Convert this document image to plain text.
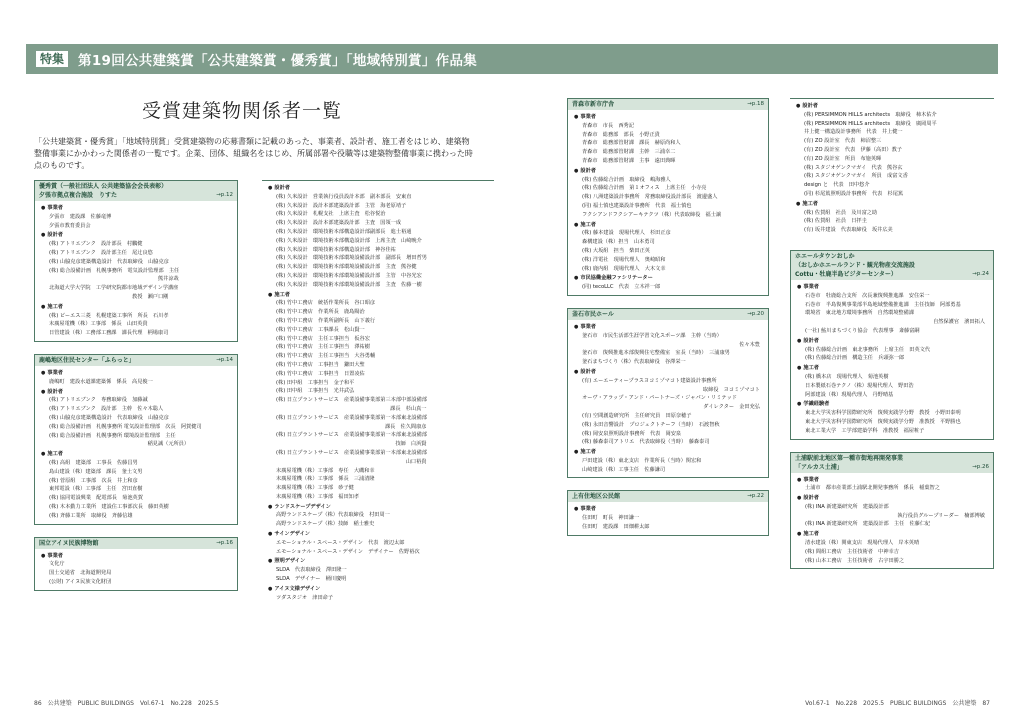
特集 第19回公共建築賞「公共建築賞・優秀賞」「地域特別賞」作品集
受賞建築物関係者一覧
「公共建築賞・優秀賞」「地域特別賞」受賞建築物の応募書類に記載のあった、事業者、設計者、施工者をはじめ、建築物整備事業にかかわった関係者の一覧です。企業、団体、組織名をはじめ、所属部署や役職等は建築物整備事業に携わった時点のものです。
優秀賞（一般社団法人 公共建築協会会長表彰）
夕張市拠点複合施設　りすた	→p.12
● 事業者
夕張市　建設課　佐藤竜博
夕張市教育委員会
● 設計者
(株) アトリエブンク　設計部長　村鵬健
(株) アトリエブンク　設計部主任　尾辻良悠
(株) 山脇克彦建築構造設計　代表取締役　山脇克彦
(株) 総合設備計画　札幌事務所　電気設計監理部　主任
　　　　　　　　　　　　　　　　　　　　　熊井涼哉
北海道大学大学院　工学研究院都市地域デザイン学講座
　　　　　　　　　　　　　　　　教授　瀬戸口剛
● 施工者
(株) ピーエス三菱　札幌建築工事所　所長　石川孝
末廣屋電機（株）工事部　係長　山田英貴
日管建設（株）工務部工務課　課長代理　柄場康司
鹿嶋地区住民センター「ふらっと」	→p.14
● 事業者
鹿嶋町　建設水道課建築係　係長　高見俊一
● 設計者
(株) アトリエブンク　専務取締役　加藤誠
(株) アトリエブンク　設計部　主幹　佐々木聡人
(株) 山脇克彦建築構造設計　代表取締役　山脇克彦
(株) 総合設備計画　札幌事務所 電気設計監理部　次長　阿賀健司
(株) 総合設備計画　札幌事務所 環境設計監理部　主任
　　　　　　　　　　　　　　　　　　　稲見誠（元所員）
● 施工者
(株) 高組　建築部　工事長　佐藤昌男
島山建設（株）建築部　課長　釜土文男
(株) 菅原組　工事部　次長　井上和彦
東邦電設（株）工事部　主任　宮田直樹
(株) 協同電設興業　配電部長　菊池英賀
(株) 木本勤力工業所　建設住工事部次長　藤田英樹
(株) 斉藤工業所　取締役　斉藤信雄
国立アイヌ民族博物館	→p.16
● 事業者
文化庁
国土交通省　北海道開発局
(公財) アイヌ民族文化財団
● 設計者
(株) 久米設計　営業執行役員設計本部　副本部長　安東直
(株) 久米設計　設計本部建築設計部　主管　海老原靖子
(株) 久米設計　札幌支社　上席主査　松谷悦治
(株) 久米設計　設計本部建築設計部　主査　国領一成
(株) 久米設計　環境技術本部構造設計部副部長　進士裕通
(株) 久米設計　環境技術本部構造設計部　上席主査　山崎晩介
(株) 久米設計　環境技術本部構造設計部　神谷佳祐
(株) 久米設計　環境技術本部環境設備設計部　副部長　増田哲男
(株) 久米設計　環境技術本部環境設備設計部　主査　熊谷健
(株) 久米設計　環境技術本部環境設備設計部　主管　中谷光宏
(株) 久米設計　環境技術本部環境設備設計部　主査　佐藤一樹
● 施工者
(株) 竹中工務店　統括作業所長　谷口昭彦
(株) 竹中工務店　作業所長　鹿島陽治
(株) 竹中工務店　作業所副所長　山下義行
(株) 竹中工務店　工事課長　松山賢一
(株) 竹中工務店　主任工事担当　仮谷宏
(株) 竹中工務店　主任工事担当　澤祐樹
(株) 竹中工務店　主任工事担当　大谷勇輔
(株) 竹中工務店　工事担当　鎌田大聖
(株) 竹中工務店　工事担当　日置凌佑
(株) 田中組　工事担当　金子和平
(株) 田中組　工事担当　光井武弘
(株) 日立プラントサービス　産業設備事業部第三本部中部設備部
　　　　　　　　　　　　　　　　　　　　　　課長　杉山真一
(株) 日立プラントサービス　産業設備事業部第一本部東北設備部
　　　　　　　　　　　　　　　　　　　　　課長　佐久間康彦
(株) 日立プラントサービス　産業設備事業部第一本部東北設備部
　　　　　　　　　　　　　　　　　　　　　　　技師　白浜賢
(株) 日立プラントサービス　産業設備事業部第一本部東北設備部
　　　　　　　　　　　　　　　　　　　　　　　　　山口裕貴
末廣屋電機（株）工事部　専任　大磯和幸
末廣屋電機（株）工事部　係長　三浦清隆
末廣屋電機（株）工事部　砂子健
末廣屋電機（株）工事部　福田知孝
● ランドスケープデザイン
高野ランドスケープ（株）代表取締役　村田周一
高野ランドスケープ（株）技師　稲士雅史
● サインデザイン
エモーショナル・スペース・デザイン　代表　渡辺太郎
エモーショナル・スペース・デザイン　デザイナー　佐野裕次
● 照明デザイン
SLDA　代表取締役　澤田隆一
SLDA　デザイナー　桶川慶明
● アイヌ文様デザイン
ツダスタジオ　津田命子
青森市新市庁舎	→p.18
● 事業者
青森市　市長　西秀記
青森市　総務部　部長　小野正貴
青森市　総務部管財課　課長　赫原尚和人
青森市　総務部管財課　主幹　三浦幸二
青森市　総務部管財課　主事　遠田典暉
● 設計者
(株) 佐藤総合計画　取締役　嶋海雅人
(株) 佐藤総合計画　第１オフィス　上席主任　小寺亮
(株) 八洲建築設計事務所　常務取締役設計部長　渡邊盛人
(同) 福士慎也建築設計事務所　代表　福士慎也
フクシアンドフクシアーキテクツ（株）代表取締役　福士譲
● 施工者
(株) 藤本建設　現場代理人　杉田正彦
森構建設（株）担当　山本勇司
(株) 大坂組　担当　柴田正英
(株) 洋電社　現場代理人　奥崎昭和
(株) 鹿内組　現場代理人　大木文幸
● 市民協働金融ファシリテーター
(同) tecoLLC　代表　立木祥一郎
釜石市民ホール	→p.20
● 事業者
釜石市　市民生活部生涯学習文化スポーツ課　主幹（当時）
佐々木豊
釜石市　復興推進本部復興住宅整備室　室長（当時）　三浦康男
釜石まちづくり（株）代表取締役　谷澤栄一
● 設計者
(有) エーエーティープラスヨコミゾマコト建築設計事務所
取締役　ヨコミゾマコト
オーヴ・アラップ・アンド・パートナーズ・ジャパン・リミテッド
ダイレクター　金田充弘
(有) 空間創造研究所　主任研究員　田原奈穂子
(株) 永田音響設計　プロジェクトチーフ（当時）　石渡智秋
(株) 岡安泉照明設計事務所　代表　岡安泉
(株) 藤森泰司アトリエ　代表取締役（当時）　藤森泰司
● 施工者
戸田建設（株）東北支店　作業所長（当時）関宏和
山崎建設（株）工事主任　佐藤謙司
上有住地区公民館	→p.22
● 事業者
住田町　町長　神田謙一
住田町　建設課　田畑耕太郎
● 設計者
(株) PERSIMMON HILLS architects　取締役　柿木佑介
(株) PERSIMMON HILLS architects　取締役　廣岡周平
井上健一構造設計事務所　代表　井上健一
(有) ZO 設計室　代表　柿沼整三
(有) ZO 設計室　代表　伊藤（高田）教子
(有) ZO 設計室　所員　布施英暉
(株) スタジオゲンクマガイ　代表　熊谷玄
(株) スタジオゲンクマガイ　所員　成富文香
design と　代表　田中悠介
(同) 杉尾篤照明設計事務所　代表　杉尾篤
● 施工者
(株) 佐賀組　社員　及川富之助
(株) 佐賀組　社員　日拝圭
(有) 坂井建設　代表取締役　坂井広美
ホエールタウンおしか
（おしかホエールランド・観光物産交流施設
Cottu・牡鹿半島ビジターセンター）	→p.24
● 事業者
石巻市　牡鹿総合支所　次長兼復興推進課　安住栄一
石巻市　半島復興事業部半島地域整備推進課　主任技師　阿部勇基
環境省　東北地方環境事務所　自然環境整備課
自然保護官　濱田拓人
(一社) 鮎川まちづくり協会　代表理事　斎藤富嗣
● 設計者
(株) 佐藤総合計画　東北事務所　上席主任　田英文代
(株) 佐藤総合計画　構造主任　兵頭弥一郎
● 施工者
(株) 橋本店　現場代理人　菊池英樹
日本製紙石巻テクノ（株）現場代理人　野田浩
阿部建設（株）現場代理人　丹野晴基
● 学識経験者
東北大学災害科学国際研究所　復興実践学分野　教授　小野田泰明
東北大学災害科学国際研究所　復興実践学分野　准教授　平野勝也
東北工業大学　工学部建築学科　准教授　福屋粧子
土浦駅前北地区第一種市街地再開発事業
「アルカス土浦」	→p.26
● 事業者
土浦市　都市産業部土浦駅北開発事務所　係長　稲葉智之
● 設計者
(株) INA 新建築研究所　建築設計部
執行役員グループリーダー　楠部博敏
(株) INA 新建築研究所　建築設計部　主任　佐藤仁紀
● 施工者
清水建設（株）関東支店　現場代理人　岸本英晴
(株) 間組工務店　主任技術者　中神幸吉
(株) 山本工務店　主任技術者　古宇田勝之
86　 公共建築　PUBLIC BUILDINGS　Vol.67-1　No.228　2025.5	Vol.67-1　No.228　2025.5　PUBLIC BUILDINGS　公共建築　 87
